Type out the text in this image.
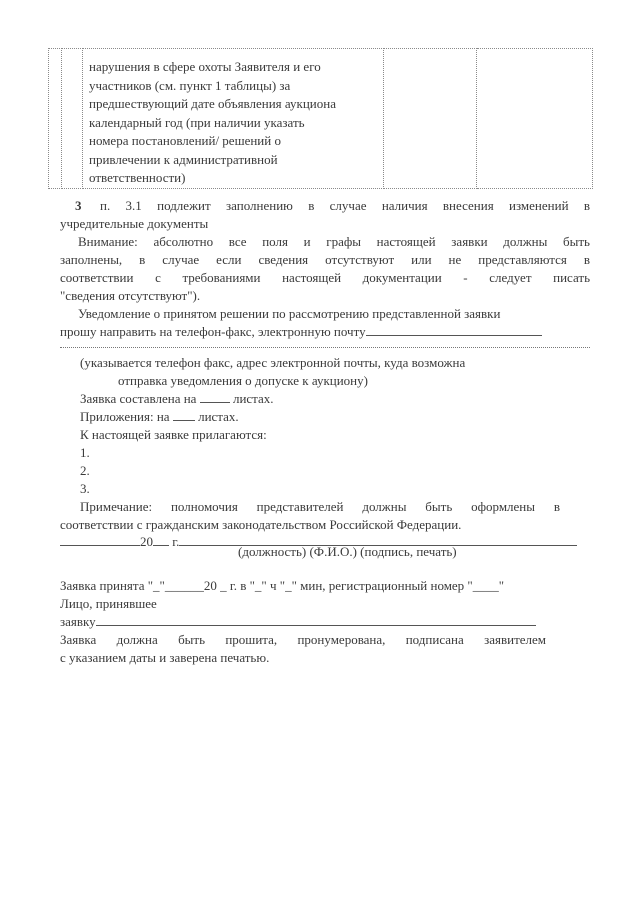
нарушения в сфере охоты Заявителя и его
участников (см. пункт 1 таблицы) за
предшествующий дате объявления аукциона
календарный год (при наличии указать
номера постановлений/ решений о
привлечении к административной
ответственности)

3 п. 3.1 подлежит заполнению в случае наличия внесения изменений в
учредительные документы
Внимание: абсолютно все поля и графы настоящей заявки должны быть
заполнены, в случае если сведения отсутствуют или не представляются в
соответствии с требованиями настоящей документации - следует писать
"сведения отсутствуют").
Уведомление о принятом решении по рассмотрению представленной заявки
прошу направить на телефон-факс, электронную почту
(указывается телефон факс, адрес электронной почты, куда возможна
отправка уведомления о допуске к аукциону)
Заявка составлена на	листах.
Приложения: на листах.
К настоящей заявке прилагаются:
1.
2.
3.
Примечание: полномочия представителей должны быть оформлены в
соответствии с гражданским законодательством Российской Федерации.
20 г.
(должность) (Ф.И.О.) (подпись, печать)
Заявка принята "_"______20 _ г. в "_" ч "_" мин, регистрационный номер "____"
Лицо, принявшее
заявку
Заявка должна быть прошита, пронумерована, подписана заявителем
с указанием даты и заверена печатью.
